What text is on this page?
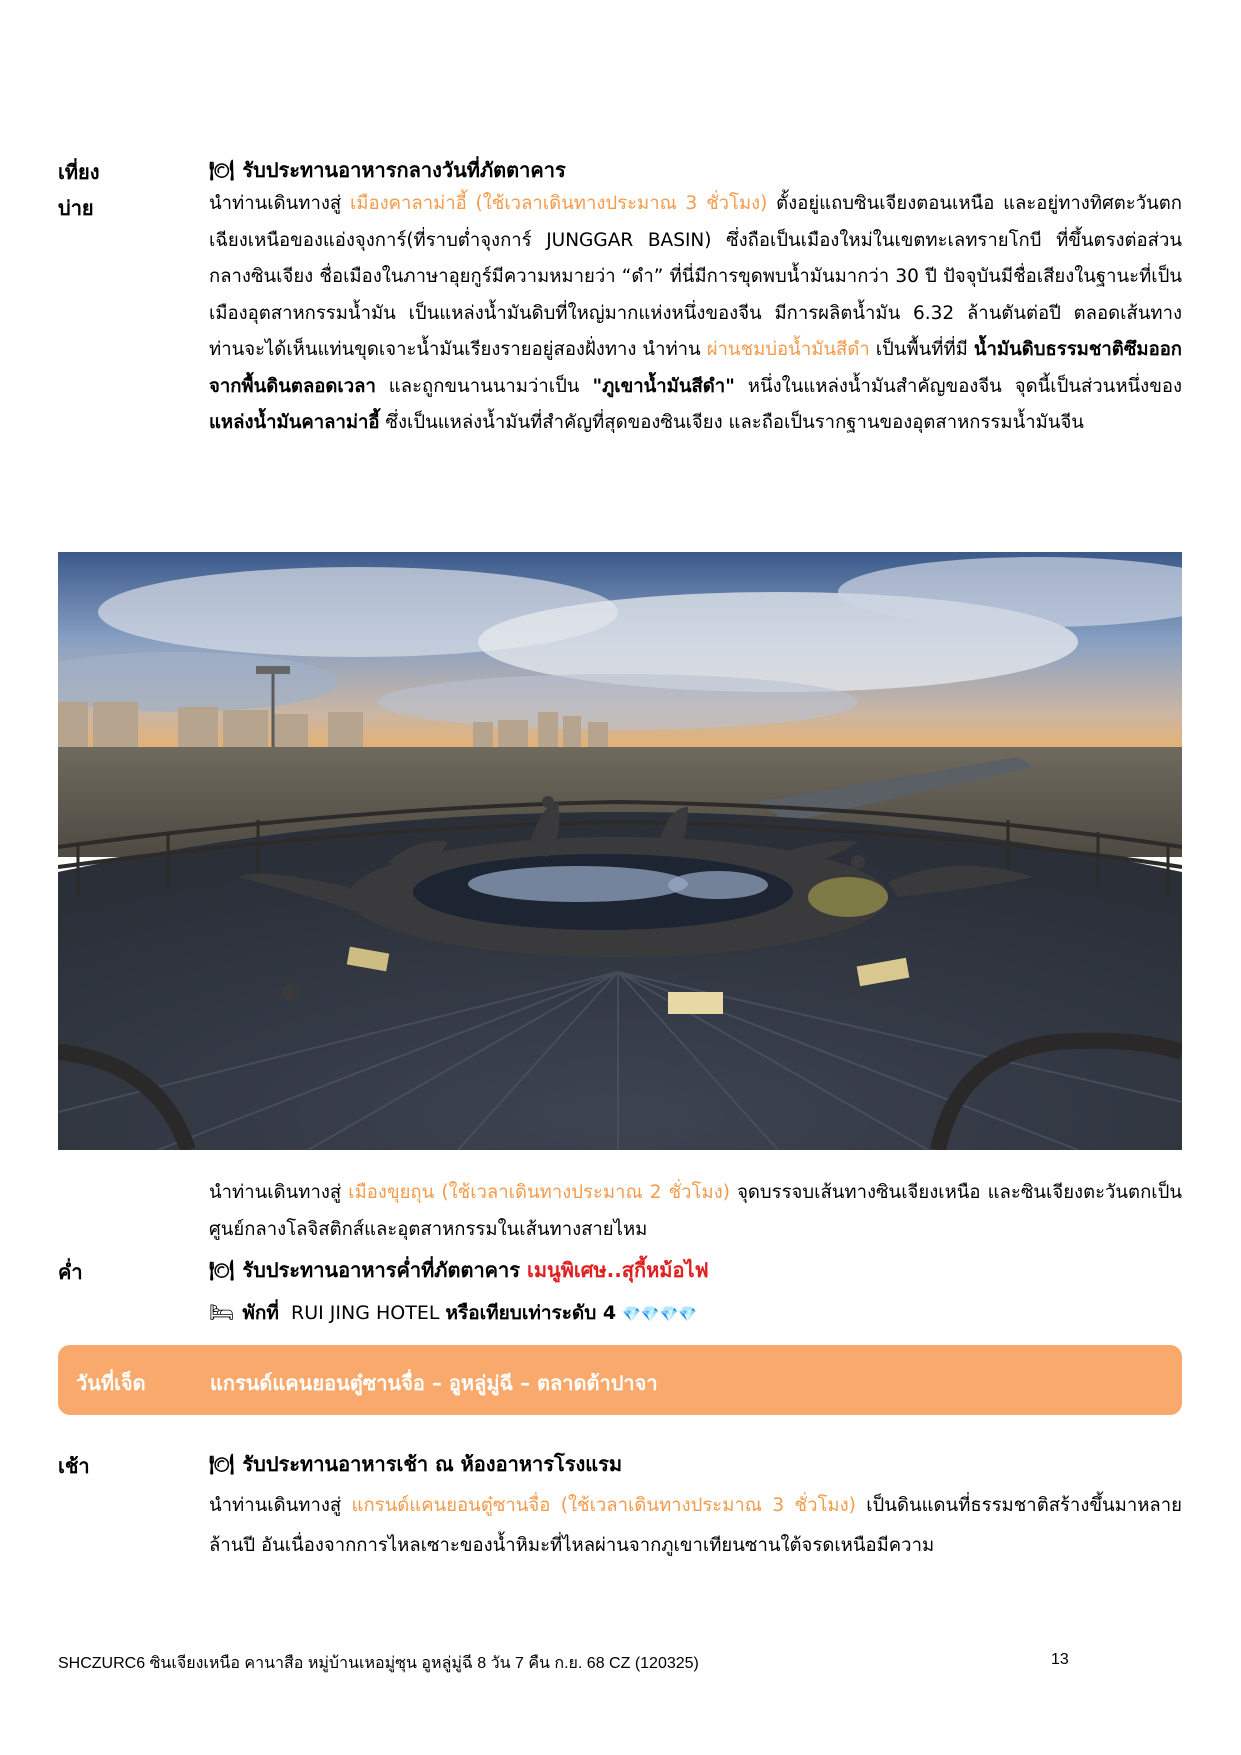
เที่ยง	🍽 รับประทานอาหารกลางวันที่ภัตตาคาร
บ่าย	นำท่านเดินทางสู่ เมืองคาลาม่าอี้ (ใช้เวลาเดินทางประมาณ 3 ชั่วโมง) ตั้งอยู่แถบซินเจียงตอนเหนือ และอยู่ทางทิศตะวันตกเฉียงเหนือของแอ่งจุงการ์(ที่ราบต่ำจุงการ์ JUNGGAR BASIN) ซึ่งถือเป็นเมืองใหม่ในเขตทะเลทรายโกบี ที่ขึ้นตรงต่อส่วนกลางซินเจียง ชื่อเมืองในภาษาอุยกูร์มีความหมายว่า “ดำ” ที่นี่มีการขุดพบน้ำมันมากว่า 30 ปี ปัจจุบันมีชื่อเสียงในฐานะที่เป็นเมืองอุตสาหกรรมน้ำมัน เป็นแหล่งน้ำมันดิบที่ใหญ่มากแห่งหนึ่งของจีน มีการผลิตน้ำมัน 6.32 ล้านตันต่อปี ตลอดเส้นทางท่านจะได้เห็นแท่นขุดเจาะน้ำมันเรียงรายอยู่สองฝั่งทาง นำท่าน ผ่านชมบ่อน้ำมันสีดำ เป็นพื้นที่ที่มี น้ำมันดิบธรรมชาติซึมออกจากพื้นดินตลอดเวลา และถูกขนานนามว่าเป็น "ภูเขาน้ำมันสีดำ" หนึ่งในแหล่งน้ำมันสำคัญของจีน จุดนี้เป็นส่วนหนึ่งของ แหล่งน้ำมันคาลาม่าอี้ ซึ่งเป็นแหล่งน้ำมันที่สำคัญที่สุดของซินเจียง และถือเป็นรากฐานของอุตสาหกรรมน้ำมันจีน
นำท่านเดินทางสู่ เมืองขุยถุน (ใช้เวลาเดินทางประมาณ 2 ชั่วโมง) จุดบรรจบเส้นทางซินเจียงเหนือ และซินเจียงตะวันตกเป็นศูนย์กลางโลจิสติกส์และอุตสาหกรรมในเส้นทางสายไหม
ค่ำ	🍽 รับประทานอาหารค่ำที่ภัตตาคาร เมนูพิเศษ..สุกี้หม้อไฟ
🛏 พักที่ RUI JING HOTEL หรือเทียบเท่าระดับ 4 💎💎💎💎
วันที่เจ็ด	แกรนด์แคนยอนตู๋ซานจื่อ – อูหลู่มู่ฉี – ตลาดต้าปาจา
เช้า	🍽 รับประทานอาหารเช้า ณ ห้องอาหารโรงแรม
นำท่านเดินทางสู่ แกรนด์แคนยอนตู๋ซานจื่อ (ใช้เวลาเดินทางประมาณ 3 ชั่วโมง) เป็นดินแดนที่ธรรมชาติสร้างขึ้นมาหลายล้านปี อันเนื่องจากการไหลเซาะของน้ำหิมะที่ไหลผ่านจากภูเขาเทียนซานใต้จรดเหนือมีความ
SHCZURC6 ซินเจียงเหนือ คานาสือ หมู่บ้านเหอมู่ซุน อูหลู่มู่ฉี 8 วัน 7 คืน ก.ย. 68 CZ (120325)	13
